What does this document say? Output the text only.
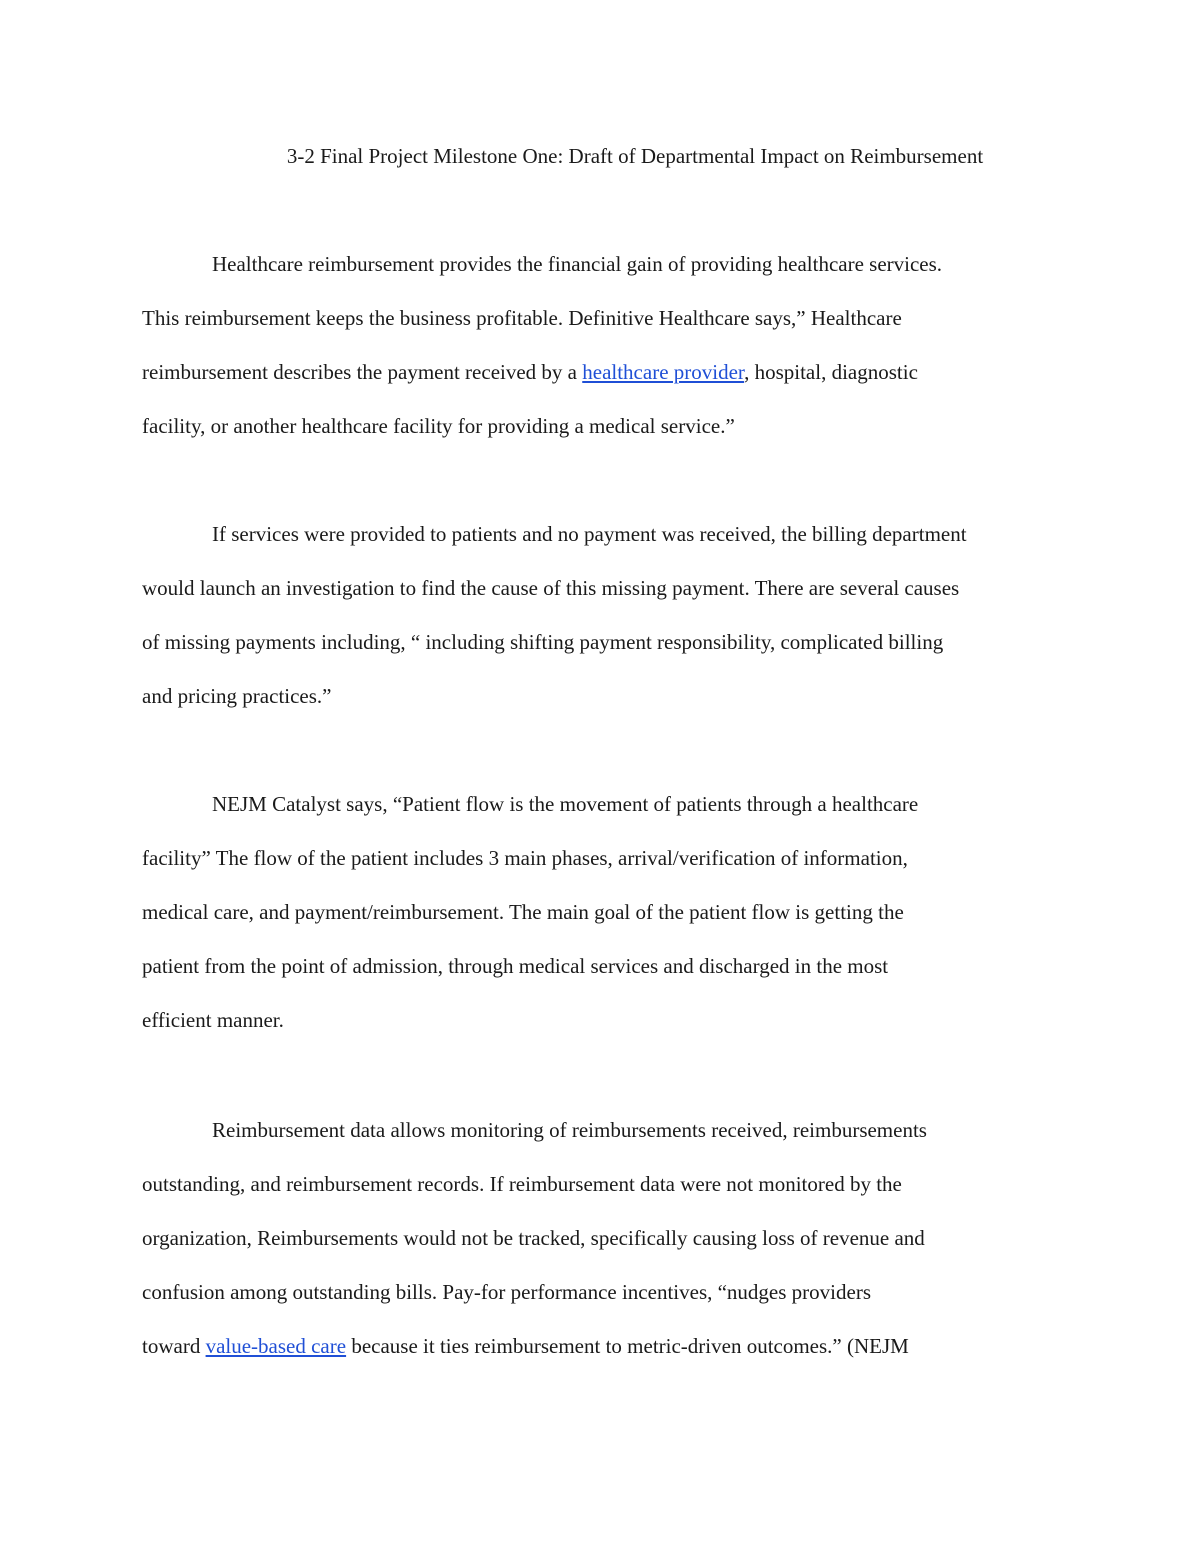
3-2 Final Project Milestone One: Draft of Departmental Impact on Reimbursement
Healthcare reimbursement provides the financial gain of providing healthcare services.
This reimbursement keeps the business profitable. Definitive Healthcare says,” Healthcare
reimbursement describes the payment received by a healthcare provider, hospital, diagnostic
facility, or another healthcare facility for providing a medical service.”
If services were provided to patients and no payment was received, the billing department
would launch an investigation to find the cause of this missing payment. There are several causes
of missing payments including, “ including shifting payment responsibility, complicated billing
and pricing practices.”
NEJM Catalyst says, “Patient flow is the movement of patients through a healthcare
facility” The flow of the patient includes 3 main phases, arrival/verification of information,
medical care, and payment/reimbursement. The main goal of the patient flow is getting the
patient from the point of admission, through medical services and discharged in the most
efficient manner.
Reimbursement data allows monitoring of reimbursements received, reimbursements
outstanding, and reimbursement records. If reimbursement data were not monitored by the
organization, Reimbursements would not be tracked, specifically causing loss of revenue and
confusion among outstanding bills. Pay-for performance incentives, “nudges providers
toward value-based care because it ties reimbursement to metric-driven outcomes.” (NEJM
